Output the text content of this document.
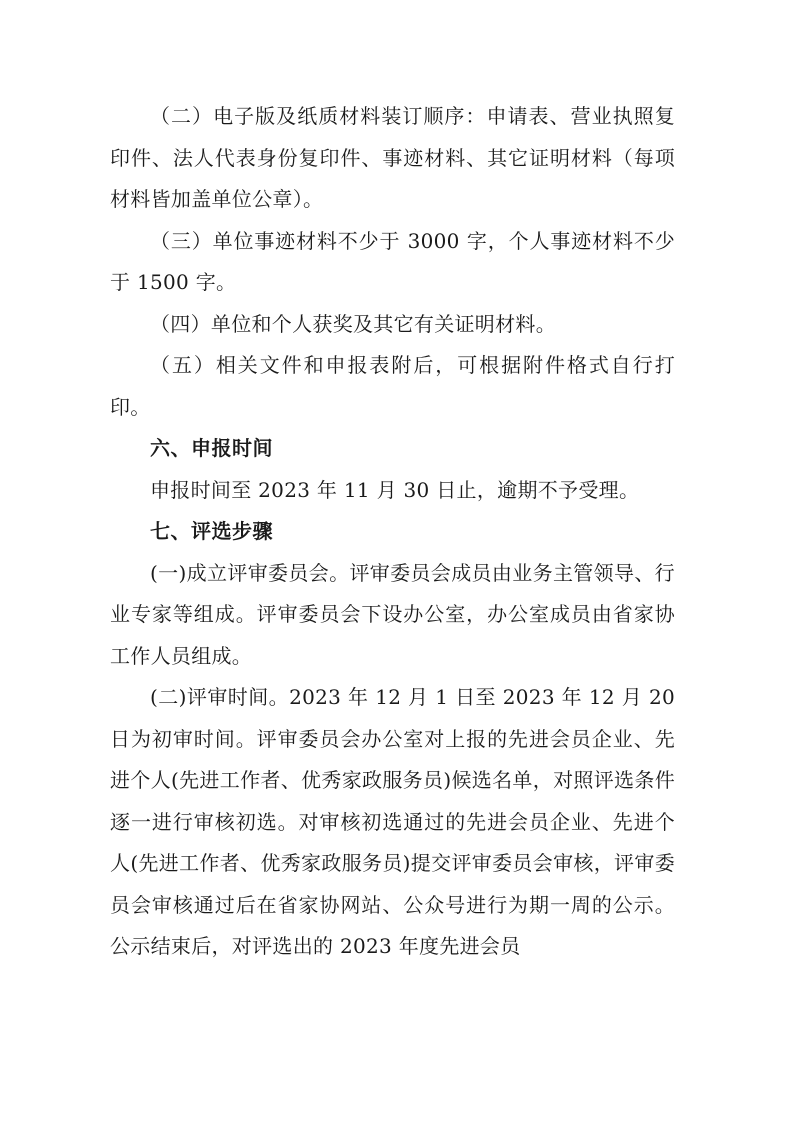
（二）电子版及纸质材料装订顺序：申请表、营业执照复印件、法人代表身份复印件、事迹材料、其它证明材料（每项材料皆加盖单位公章）。

（三）单位事迹材料不少于 3000 字，个人事迹材料不少于 1500 字。

（四）单位和个人获奖及其它有关证明材料。

（五）相关文件和申报表附后，可根据附件格式自行打印。

六、申报时间

申报时间至 2023 年 11 月 30 日止，逾期不予受理。

七、评选步骤

(一)成立评审委员会。评审委员会成员由业务主管领导、行业专家等组成。评审委员会下设办公室，办公室成员由省家协工作人员组成。

(二)评审时间。2023 年 12 月 1 日至 2023 年 12 月 20 日为初审时间。评审委员会办公室对上报的先进会员企业、先进个人(先进工作者、优秀家政服务员)候选名单，对照评选条件逐一进行审核初选。对审核初选通过的先进会员企业、先进个人(先进工作者、优秀家政服务员)提交评审委员会审核，评审委员会审核通过后在省家协网站、公众号进行为期一周的公示。公示结束后，对评选出的 2023 年度先进会员
